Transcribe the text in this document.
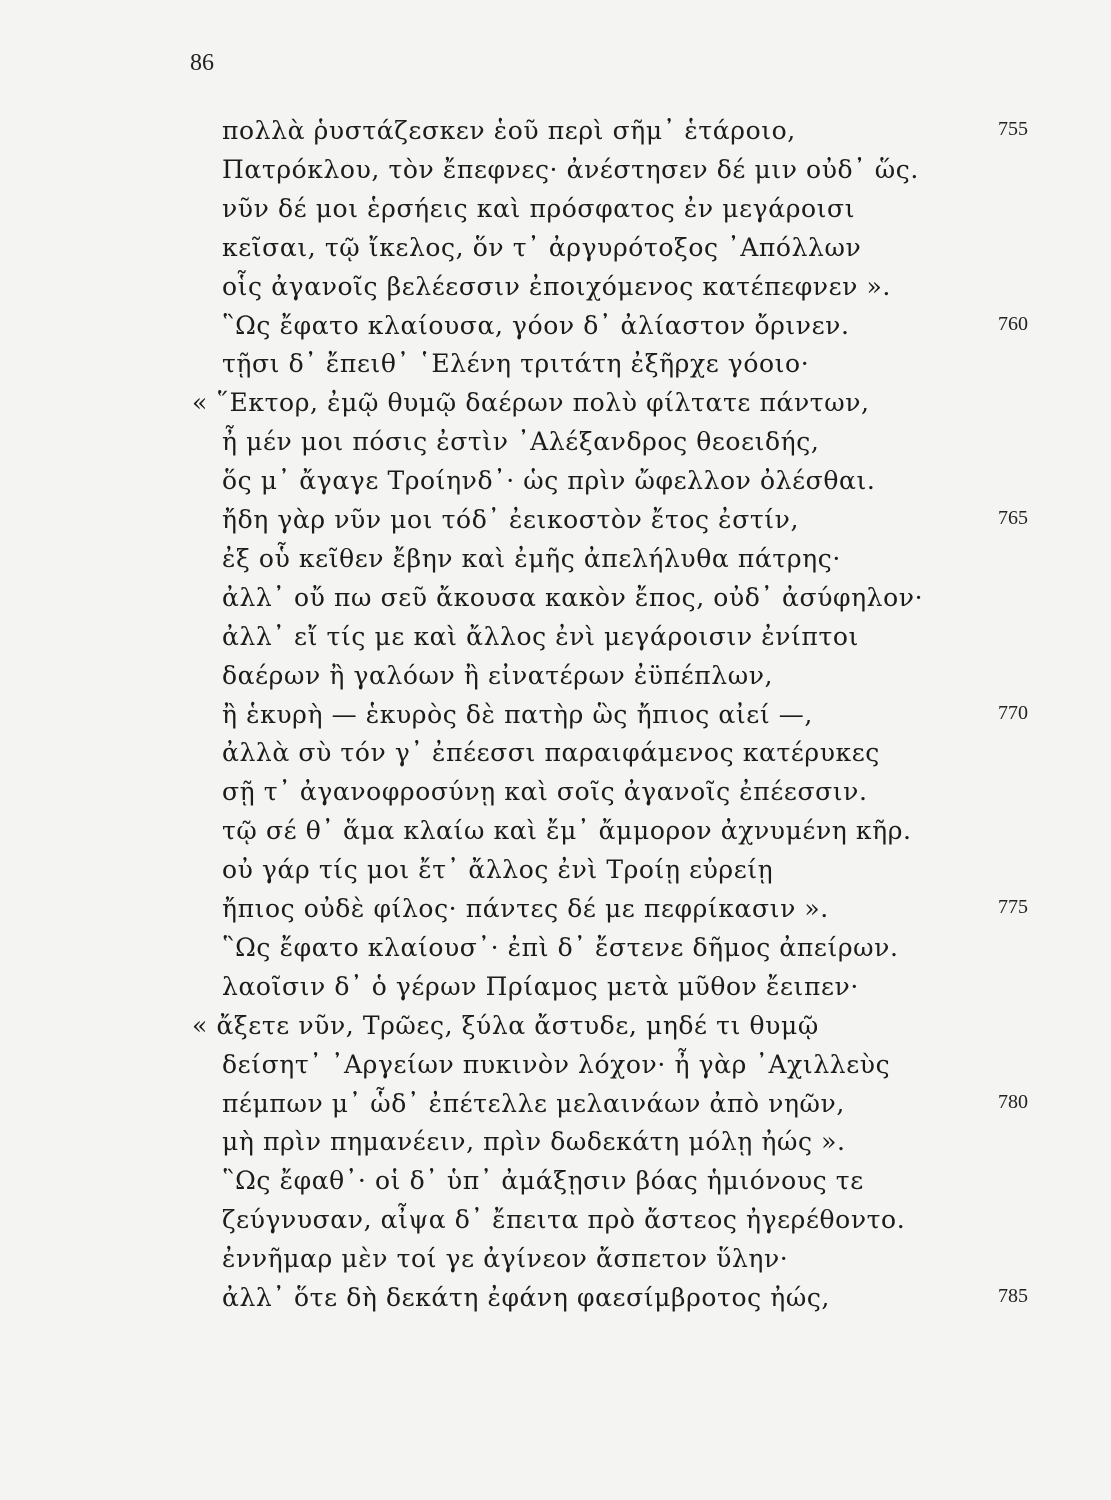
86
πολλὰ ῥυστάζεσκεν ἑοῦ περὶ σῆμ᾽ ἑτάροιο,	755
Πατρόκλου, τὸν ἔπεφνες· ἀνέστησεν δέ μιν οὐδ᾽ ὥς.
νῦν δέ μοι ἑρσήεις καὶ πρόσφατος ἐν μεγάροισι
κεῖσαι, τῷ ἴκελος, ὅν τ᾽ ἀργυρότοξος ᾿Απόλλων
οἷς ἀγανοῖς βελέεσσιν ἐποιχόμενος κατέπεφνεν ».
῝Ως ἔφατο κλαίουσα, γόον δ᾽ ἀλίαστον ὄρινεν.	760
τῇσι δ᾽ ἔπειθ᾽ ῾Ελένη τριτάτη ἐξῆρχε γόοιο·
« ῞Εκτορ, ἐμῷ θυμῷ δαέρων πολὺ φίλτατε πάντων,
ἦ μέν μοι πόσις ἐστὶν ᾿Αλέξανδρος θεοειδής,
ὅς μ᾽ ἄγαγε Τροίηνδ᾽· ὡς πρὶν ὤφελλον ὀλέσθαι.
ἤδη γὰρ νῦν μοι τόδ᾽ ἐεικοστὸν ἔτος ἐστίν,	765
ἐξ οὗ κεῖθεν ἔβην καὶ ἐμῆς ἀπελήλυθα πάτρης·
ἀλλ᾽ οὔ πω σεῦ ἄκουσα κακὸν ἔπος, οὐδ᾽ ἀσύφηλον·
ἀλλ᾽ εἴ τίς με καὶ ἄλλος ἐνὶ μεγάροισιν ἐνίπτοι
δαέρων ἢ γαλόων ἢ εἰνατέρων ἐϋπέπλων,
ἢ ἑκυρὴ — ἑκυρὸς δὲ πατὴρ ὣς ἤπιος αἰεί —,	770
ἀλλὰ σὺ τόν γ᾽ ἐπέεσσι παραιφάμενος κατέρυκες
σῇ τ᾽ ἀγανοφροσύνῃ καὶ σοῖς ἀγανοῖς ἐπέεσσιν.
τῷ σέ θ᾽ ἅμα κλαίω καὶ ἔμ᾽ ἄμμορον ἀχνυμένη κῆρ.
οὐ γάρ τίς μοι ἔτ᾽ ἄλλος ἐνὶ Τροίῃ εὐρείῃ
ἤπιος οὐδὲ φίλος· πάντες δέ με πεφρίκασιν ».	775
῝Ως ἔφατο κλαίουσ᾽· ἐπὶ δ᾽ ἔστενε δῆμος ἀπείρων.
λαοῖσιν δ᾽ ὁ γέρων Πρίαμος μετὰ μῦθον ἔειπεν·
« ἄξετε νῦν, Τρῶες, ξύλα ἄστυδε, μηδέ τι θυμῷ
δείσητ᾽ ᾿Αργείων πυκινὸν λόχον· ἦ γὰρ ᾿Αχιλλεὺς
πέμπων μ᾽ ὧδ᾽ ἐπέτελλε μελαινάων ἀπὸ νηῶν,	780
μὴ πρὶν πημανέειν, πρὶν δωδεκάτη μόλῃ ἠώς ».
῝Ως ἔφαθ᾽· οἱ δ᾽ ὑπ᾽ ἀμάξῃσιν βόας ἡμιόνους τε
ζεύγνυσαν, αἶψα δ᾽ ἔπειτα πρὸ ἄστεος ἠγερέθοντο.
ἐννῆμαρ μὲν τοί γε ἀγίνεον ἄσπετον ὕλην·
ἀλλ᾽ ὅτε δὴ δεκάτη ἐφάνη φαεσίμβροτος ἠώς,	785
